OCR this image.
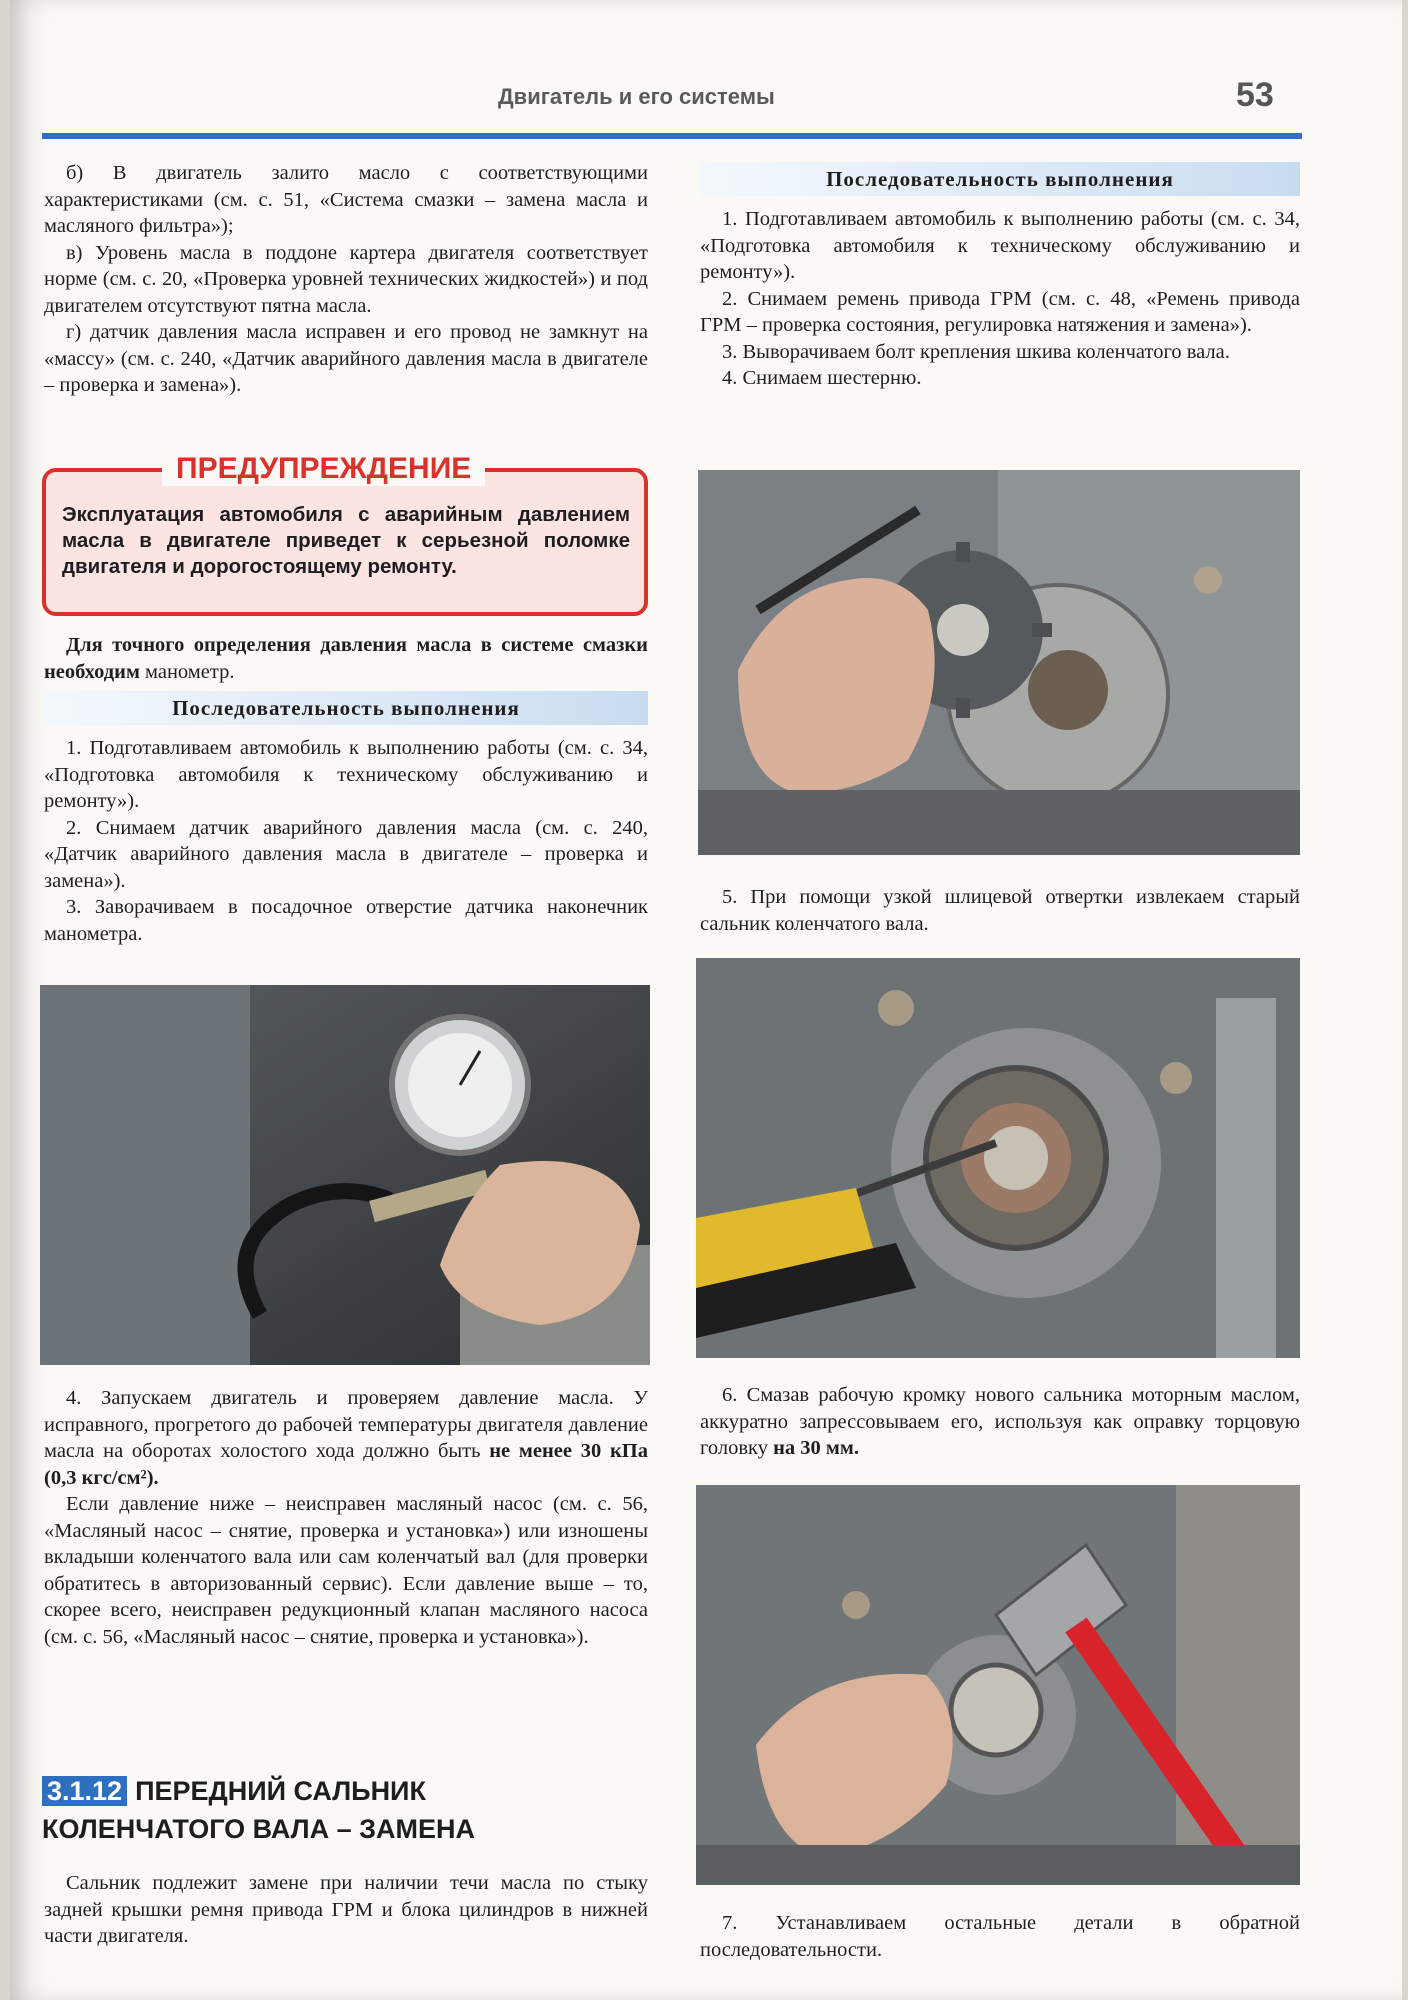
Двигатель и его системы	53

б) В двигатель залито масло с соответствующими характеристиками (см. с. 51, «Система смазки – замена масла и масляного фильтра»);

в) Уровень масла в поддоне картера двигателя соответствует норме (см. с. 20, «Проверка уровней технических жидкостей») и под двигателем отсутствуют пятна масла.

г) датчик давления масла исправен и его провод не замкнут на «массу» (см. с. 240, «Датчик аварийного давления масла в двигателе – проверка и замена»).

ПРЕДУПРЕЖДЕНИЕ
Эксплуатация автомобиля с аварийным давлением масла в двигателе приведет к серьезной поломке двигателя и дорогостоящему ремонту.

Для точного определения давления масла в системе смазки необходим манометр.

Последовательность выполнения

1. Подготавливаем автомобиль к выполнению работы (см. с. 34, «Подготовка автомобиля к техническому обслуживанию и ремонту»).

2. Снимаем датчик аварийного давления масла (см. с. 240, «Датчик аварийного давления масла в двигателе – проверка и замена»).

3. Заворачиваем в посадочное отверстие датчика наконечник манометра.

4. Запускаем двигатель и проверяем давление масла. У исправного, прогретого до рабочей температуры двигателя давление масла на оборотах холостого хода должно быть не менее 30 кПа (0,3 кгс/см²).

Если давление ниже – неисправен масляный насос (см. с. 56, «Масляный насос – снятие, проверка и установка») или изношены вкладыши коленчатого вала или сам коленчатый вал (для проверки обратитесь в авторизованный сервис). Если давление выше – то, скорее всего, неисправен редукционный клапан масляного насоса (см. с. 56, «Масляный насос – снятие, проверка и установка»).

3.1.12 ПЕРЕДНИЙ САЛЬНИК
КОЛЕНЧАТОГО ВАЛА – ЗАМЕНА

Сальник подлежит замене при наличии течи масла по стыку задней крышки ремня привода ГРМ и блока цилиндров в нижней части двигателя.

Последовательность выполнения

1. Подготавливаем автомобиль к выполнению работы (см. с. 34, «Подготовка автомобиля к техническому обслуживанию и ремонту»).

2. Снимаем ремень привода ГРМ (см. с. 48, «Ремень привода ГРМ – проверка состояния, регулировка натяжения и замена»).

3. Выворачиваем болт крепления шкива коленчатого вала.

4. Снимаем шестерню.

5. При помощи узкой шлицевой отвертки извлекаем старый сальник коленчатого вала.

6. Смазав рабочую кромку нового сальника моторным маслом, аккуратно запрессовываем его, используя как оправку торцовую головку на 30 мм.

7. Устанавливаем остальные детали в обратной последовательности.
